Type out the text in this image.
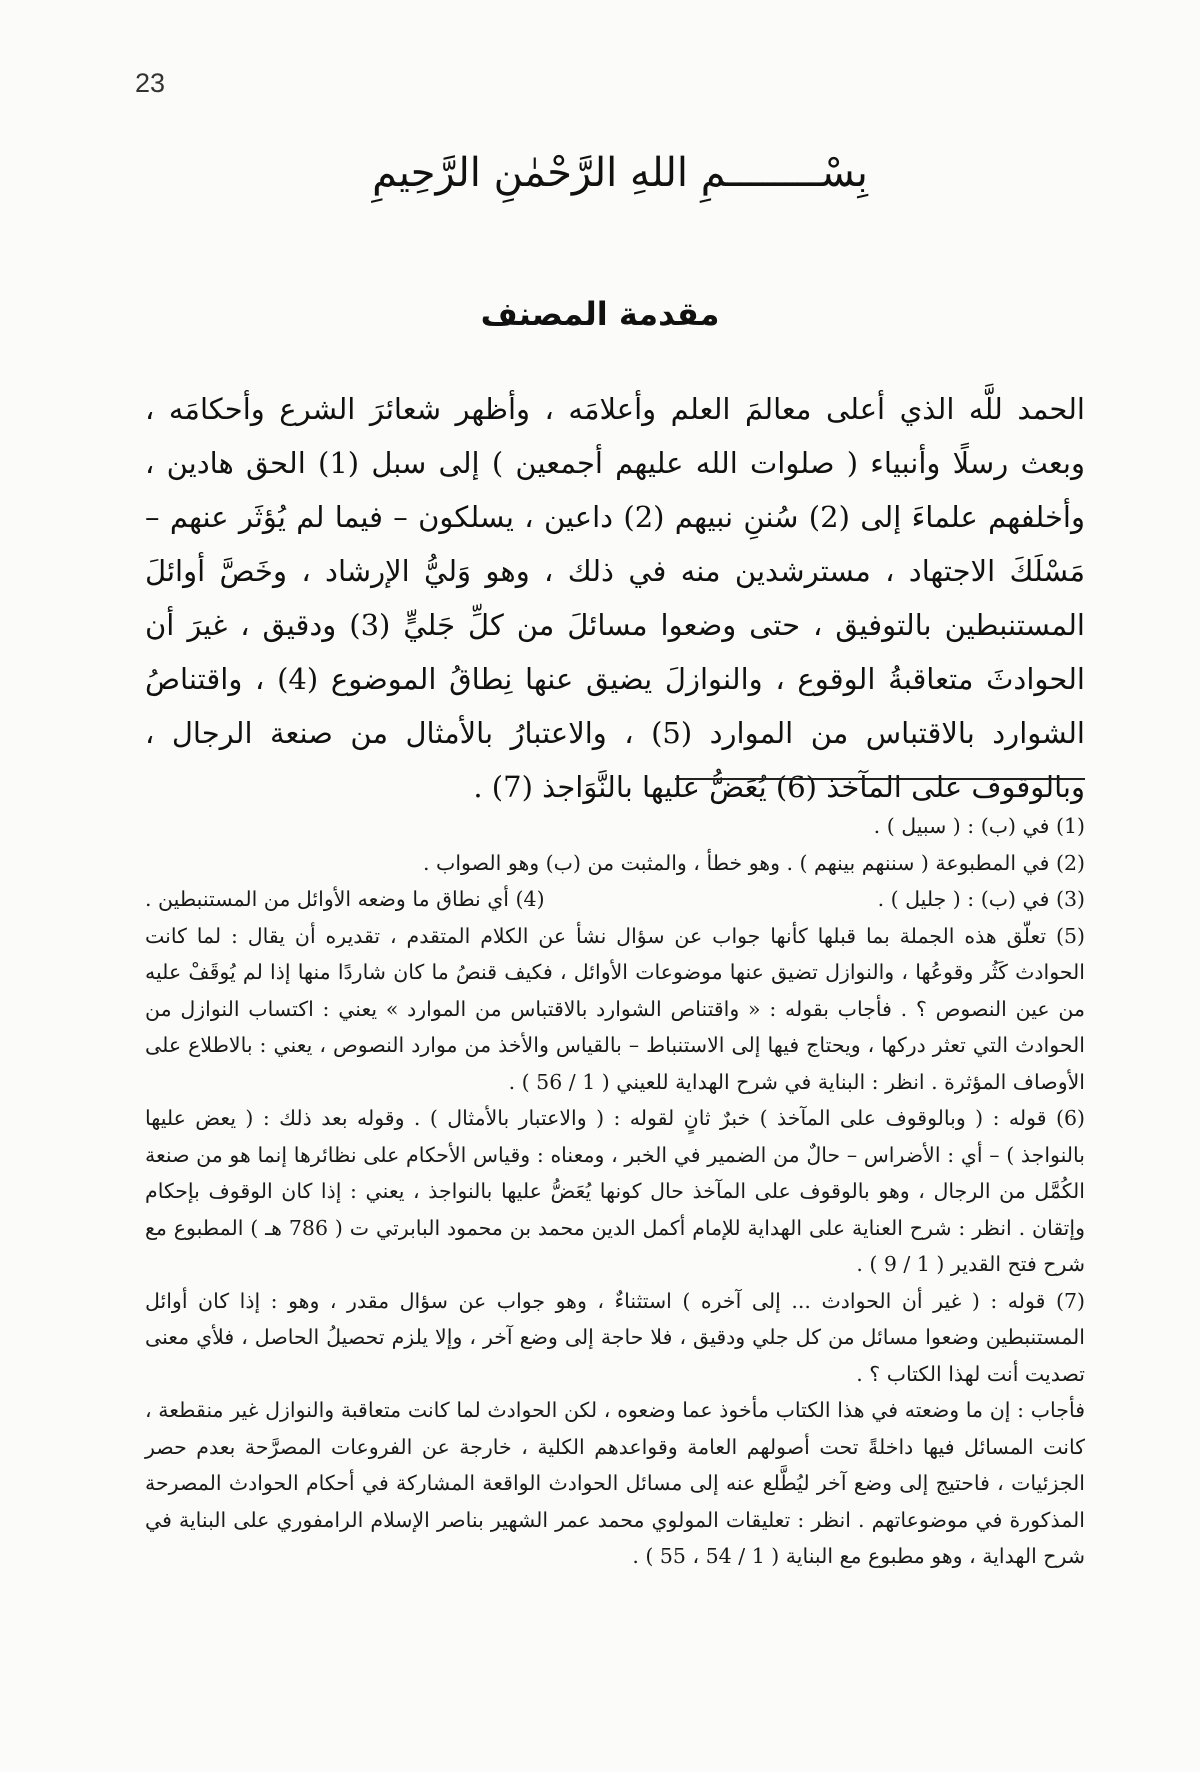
23
بِسْــــــــمِ اللهِ الرَّحْمٰنِ الرَّحِيمِ
مقدمة المصنف

الحمد للَّه الذي أعلى معالمَ العلم وأعلامَه ، وأظهر شعائرَ الشرع وأحكامَه ، وبعث رسلًا وأنبياء ( صلوات الله عليهم أجمعين ) إلى سبل (1) الحق هادين ، وأخلفهم علماءَ إلى (2) سُننِ نبيهم (2) داعين ، يسلكون – فيما لم يُؤثَر عنهم – مَسْلَكَ الاجتهاد ، مسترشدين منه في ذلك ، وهو وَليُّ الإرشاد ، وخَصَّ أوائلَ المستنبطين بالتوفيق ، حتى وضعوا مسائلَ من كلِّ جَليٍّ (3) ودقيق ، غيرَ أن الحوادثَ متعاقبةُ الوقوع ، والنوازلَ يضيق عنها نِطاقُ الموضوع (4) ، واقتناصُ الشوارد بالاقتباس من الموارد (5) ، والاعتبارُ بالأمثال من صنعة الرجال ، وبالوقوف على المآخذ (6) يُعَضُّ عليها بالنَّوَاجذ (7) .

(1) في (ب) : ( سبيل ) .

(2) في المطبوعة ( سننهم بينهم ) . وهو خطأ ، والمثبت من (ب) وهو الصواب .

(3) في (ب) : ( جليل ) .
(4) أي نطاق ما وضعه الأوائل من المستنبطين .

(5) تعلّق هذه الجملة بما قبلها كأنها جواب عن سؤال نشأ عن الكلام المتقدم ، تقديره أن يقال : لما كانت الحوادث كَثُر وقوعُها ، والنوازل تضيق عنها موضوعات الأوائل ، فكيف قنصُ ما كان شاردًا منها إذا لم يُوقَفْ عليه من عين النصوص ؟ . فأجاب بقوله : « واقتناص الشوارد بالاقتباس من الموارد » يعني : اكتساب النوازل من الحوادث التي تعثر دركها ، ويحتاج فيها إلى الاستنباط – بالقياس والأخذ من موارد النصوص ، يعني : بالاطلاع على الأوصاف المؤثرة . انظر : البناية في شرح الهداية للعيني ( 1 / 56 ) .

(6) قوله : ( وبالوقوف على المآخذ ) خبرٌ ثانٍ لقوله : ( والاعتبار بالأمثال ) . وقوله بعد ذلك : ( يعض عليها بالنواجذ ) – أي : الأضراس – حالٌ من الضمير في الخبر ، ومعناه : وقياس الأحكام على نظائرها إنما هو من صنعة الكُمَّل من الرجال ، وهو بالوقوف على المآخذ حال كونها يُعَضُّ عليها بالنواجذ ، يعني : إذا كان الوقوف بإحكام وإتقان . انظر : شرح العناية على الهداية للإمام أكمل الدين محمد بن محمود البابرتي ت ( 786 هـ ) المطبوع مع شرح فتح القدير ( 1 / 9 ) .

(7) قوله : ( غير أن الحوادث ... إلى آخره ) استثناءٌ ، وهو جواب عن سؤال مقدر ، وهو : إذا كان أوائل المستنبطين وضعوا مسائل من كل جلي ودقيق ، فلا حاجة إلى وضع آخر ، وإلا يلزم تحصيلُ الحاصل ، فلأي معنى تصديت أنت لهذا الكتاب ؟ .

فأجاب : إن ما وضعته في هذا الكتاب مأخوذ عما وضعوه ، لكن الحوادث لما كانت متعاقبة والنوازل غير منقطعة ، كانت المسائل فيها داخلةً تحت أصولهم العامة وقواعدهم الكلية ، خارجة عن الفروعات المصرَّحة بعدم حصر الجزئيات ، فاحتيج إلى وضع آخر ليُطَّلع عنه إلى مسائل الحوادث الواقعة المشاركة في أحكام الحوادث المصرحة المذكورة في موضوعاتهم . انظر : تعليقات المولوي محمد عمر الشهير بناصر الإسلام الرامفوري على البناية في شرح الهداية ، وهو مطبوع مع البناية ( 1 / 54 ، 55 ) .
